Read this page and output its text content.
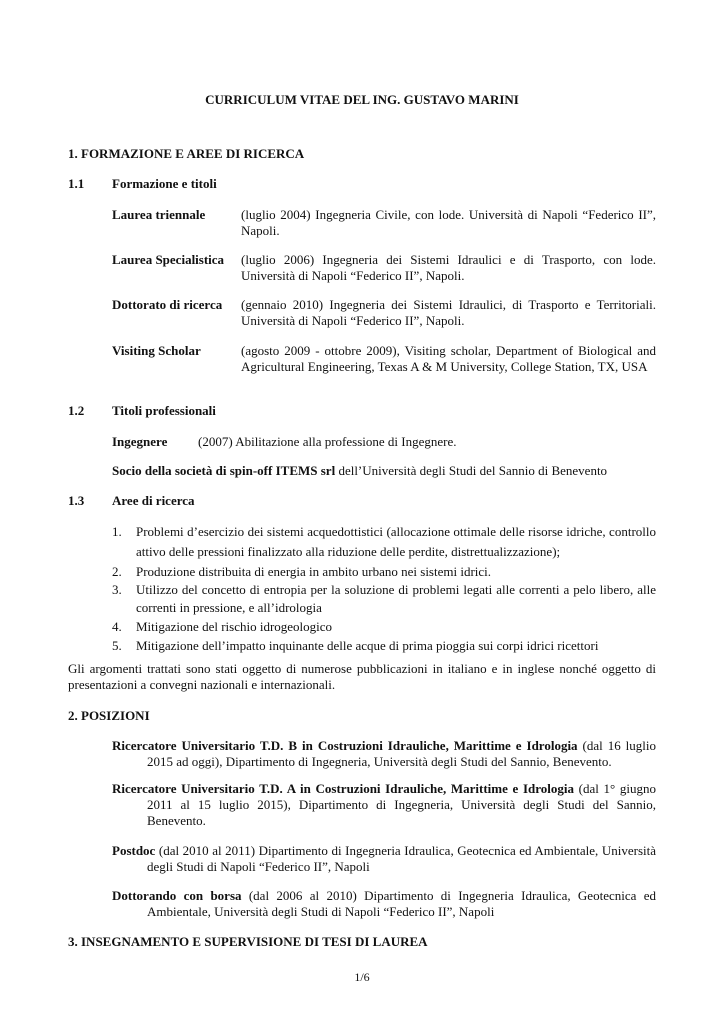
CURRICULUM VITAE DEL ING. GUSTAVO MARINI
1. FORMAZIONE E AREE DI RICERCA
1.1 Formazione e titoli
Laurea triennale	(luglio 2004) Ingegneria Civile, con lode. Università di Napoli “Federico II”, Napoli.
Laurea Specialistica (luglio 2006) Ingegneria dei Sistemi Idraulici e di Trasporto, con lode. Università di Napoli “Federico II”, Napoli.
Dottorato di ricerca (gennaio 2010) Ingegneria dei Sistemi Idraulici, di Trasporto e Territoriali. Università di Napoli “Federico II”, Napoli.
Visiting Scholar	(agosto 2009 - ottobre 2009), Visiting scholar, Department of Biological and Agricultural Engineering, Texas A & M University, College Station, TX, USA
1.2 Titoli professionali
Ingegnere (2007) Abilitazione alla professione di Ingegnere.
Socio della società di spin-off ITEMS srl dell’Università degli Studi del Sannio di Benevento
1.3 Aree di ricerca

1. Problemi d’esercizio dei sistemi acquedottistici (allocazione ottimale delle risorse idriche, controllo attivo delle pressioni finalizzato alla riduzione delle perdite, distrettualizzazione);

2. Produzione distribuita di energia in ambito urbano nei sistemi idrici.

3. Utilizzo del concetto di entropia per la soluzione di problemi legati alle correnti a pelo libero, alle correnti in pressione, e all’idrologia

4. Mitigazione del rischio idrogeologico

5. Mitigazione dell’impatto inquinante delle acque di prima pioggia sui corpi idrici ricettori

Gli argomenti trattati sono stati oggetto di numerose pubblicazioni in italiano e in inglese nonché oggetto di presentazioni a convegni nazionali e internazionali.
2. POSIZIONI
Ricercatore Universitario T.D. B in Costruzioni Idrauliche, Marittime e Idrologia (dal 16 luglio 2015 ad oggi), Dipartimento di Ingegneria, Università degli Studi del Sannio, Benevento.
Ricercatore Universitario T.D. A in Costruzioni Idrauliche, Marittime e Idrologia (dal 1° giugno 2011 al 15 luglio 2015), Dipartimento di Ingegneria, Università degli Studi del Sannio, Benevento.
Postdoc (dal 2010 al 2011) Dipartimento di Ingegneria Idraulica, Geotecnica ed Ambientale, Università degli Studi di Napoli “Federico II”, Napoli
Dottorando con borsa (dal 2006 al 2010) Dipartimento di Ingegneria Idraulica, Geotecnica ed Ambientale, Università degli Studi di Napoli “Federico II”, Napoli
3. INSEGNAMENTO E SUPERVISIONE DI TESI DI LAUREA
1/6
